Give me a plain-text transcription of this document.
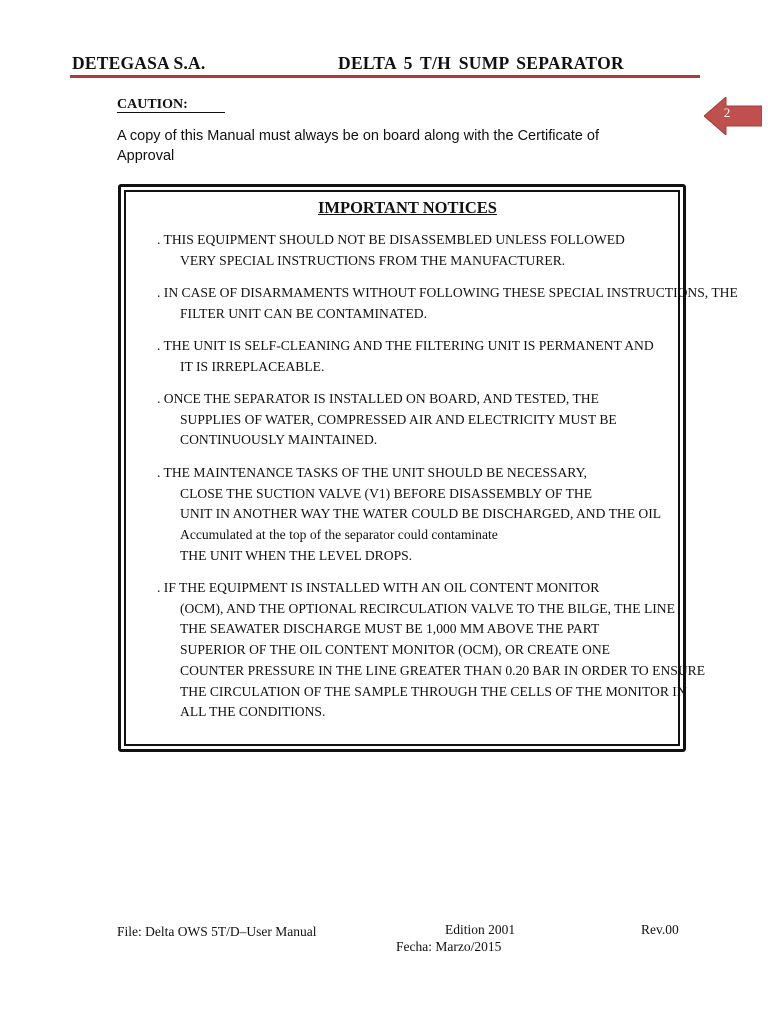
DETEGASA S.A.	DELTA 5 T/H SUMP SEPARATOR
2
CAUTION:
A copy of this Manual must always be on board along with the Certificate of
Approval
IMPORTANT NOTICES
. THIS EQUIPMENT SHOULD NOT BE DISASSEMBLED UNLESS FOLLOWED
VERY SPECIAL INSTRUCTIONS FROM THE MANUFACTURER.
. IN CASE OF DISARMAMENTS WITHOUT FOLLOWING THESE SPECIAL INSTRUCTIONS, THE
FILTER UNIT CAN BE CONTAMINATED.
. THE UNIT IS SELF-CLEANING AND THE FILTERING UNIT IS PERMANENT AND
IT IS IRREPLACEABLE.
. ONCE THE SEPARATOR IS INSTALLED ON BOARD, AND TESTED, THE
SUPPLIES OF WATER, COMPRESSED AIR AND ELECTRICITY MUST BE
CONTINUOUSLY MAINTAINED.
. THE MAINTENANCE TASKS OF THE UNIT SHOULD BE NECESSARY,
CLOSE THE SUCTION VALVE (V1) BEFORE DISASSEMBLY OF THE
UNIT IN ANOTHER WAY THE WATER COULD BE DISCHARGED, AND THE OIL
Accumulated at the top of the separator could contaminate
THE UNIT WHEN THE LEVEL DROPS.
. IF THE EQUIPMENT IS INSTALLED WITH AN OIL CONTENT MONITOR
(OCM), AND THE OPTIONAL RECIRCULATION VALVE TO THE BILGE, THE LINE
THE SEAWATER DISCHARGE MUST BE 1,000 MM ABOVE THE PART
SUPERIOR OF THE OIL CONTENT MONITOR (OCM), OR CREATE ONE
COUNTER PRESSURE IN THE LINE GREATER THAN 0.20 BAR IN ORDER TO ENSURE
THE CIRCULATION OF THE SAMPLE THROUGH THE CELLS OF THE MONITOR IN
ALL THE CONDITIONS.
File: Delta OWS 5T/D–User Manual	Edition 2001
Fecha: Marzo/2015
Rev.00
